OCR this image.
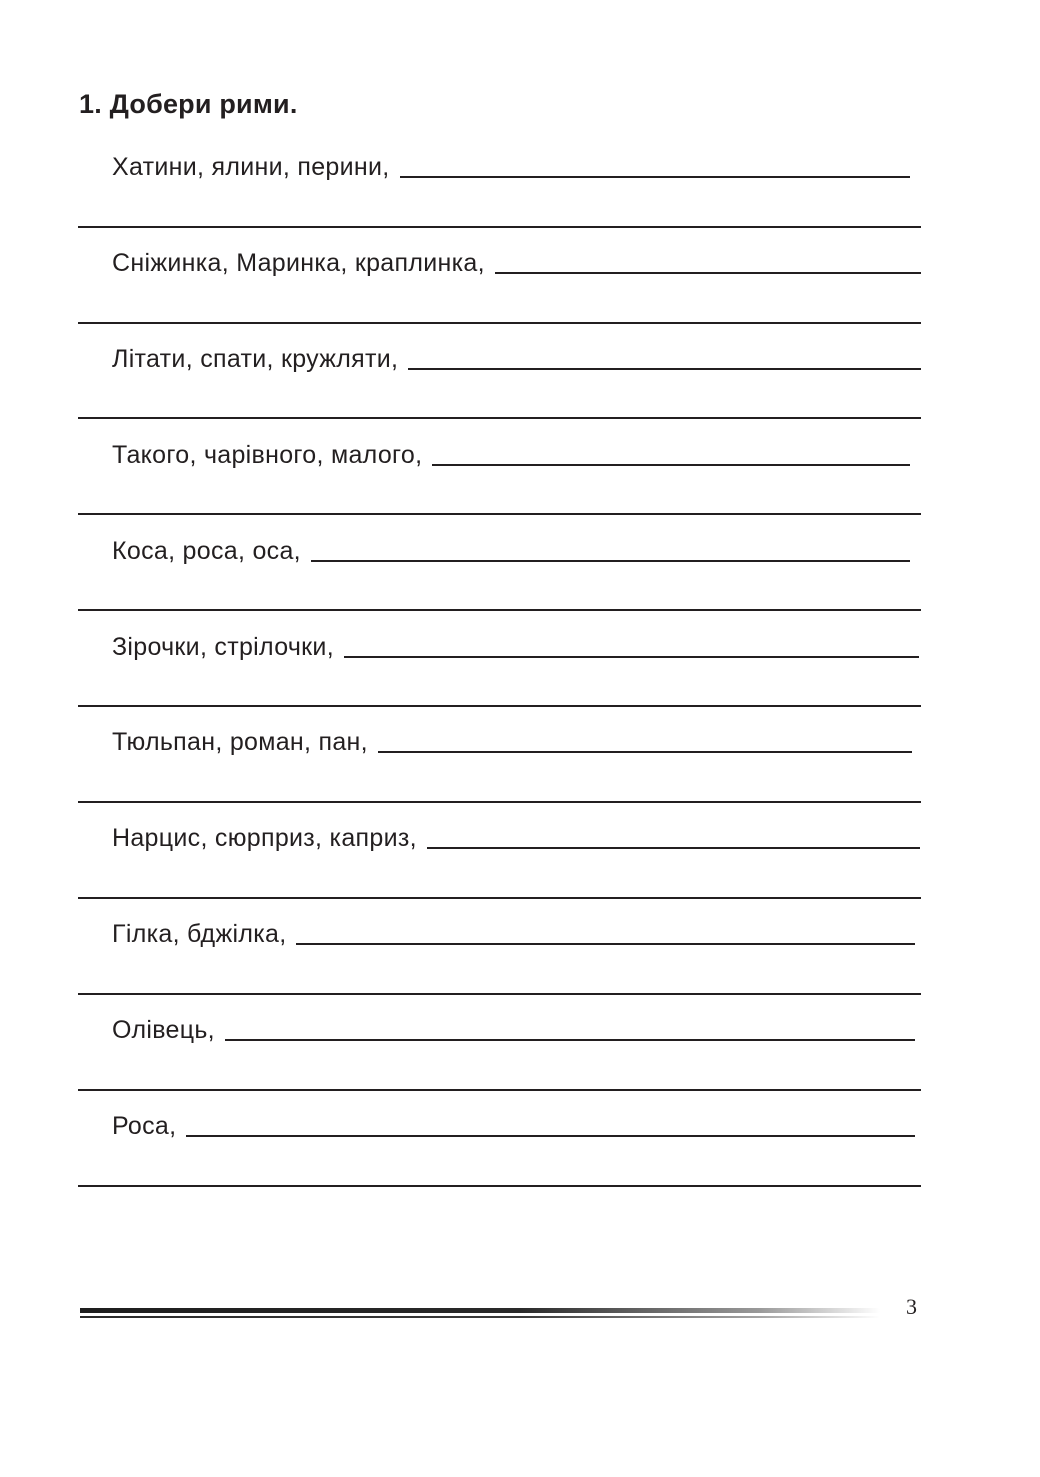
1. Добери рими.
Хатини, ялини, перини,
Сніжинка, Маринка, краплинка,
Літати, спати, кружляти,
Такого, чарівного, малого,
Коса, роса, оса,
Зірочки, стрілочки,
Тюльпан, роман, пан,
Нарцис, сюрприз, каприз,
Гілка, бджілка,
Олівець,
Роса,
3
